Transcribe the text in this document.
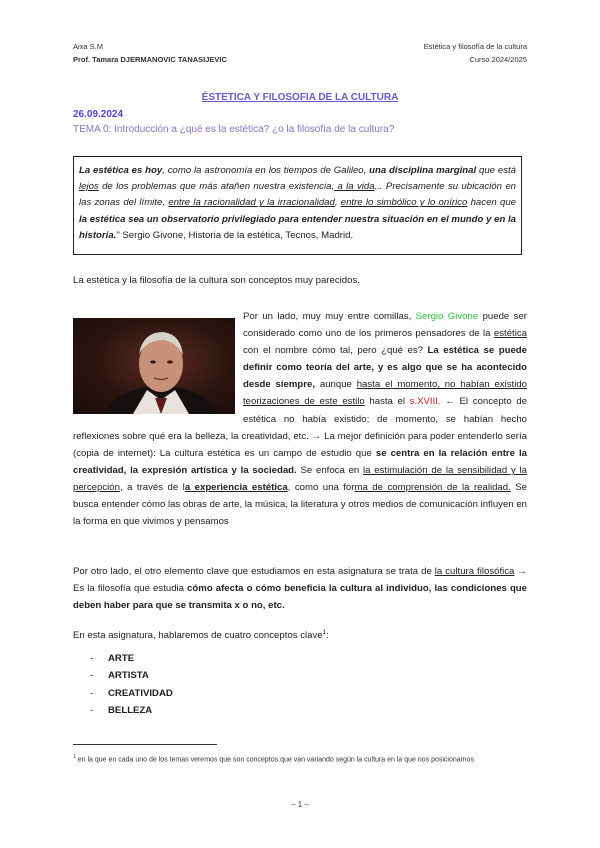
Aixa S.M	Estética y filosofía de la cultura
Prof. Tamara DJERMANOVIC TANASIJEVIC	Curso 2024/2025
ÉSTETICA Y FILOSOFIA DE LA CULTURA
26.09.2024
TEMA 0: Introducción a ¿qué es la estética? ¿o la filosofía de la cultura?
La estética es hoy, como la astronomía en los tiempos de Galileo, una disciplina marginal que está lejos de los problemas que más atañen nuestra existencia, a la vida... Precisamente su ubicación en las zonas del límite, entre la racionalidad y la irracionalidad, entre lo simbólico y lo onírico hacen que la estética sea un observatorio privilegiado para entender nuestra situación en el mundo y en la historia." Sergio Givone, Historia de la estética, Tecnos, Madrid.
La estética y la filosofía de la cultura son conceptos muy parecidos.
Por un lado, muy muy entre comillas, Sergio Givone puede ser considerado como uno de los primeros pensadores de la estética con el nombre cómo tal, pero ¿qué es? La estética se puede definir como teoría del arte, y es algo que se ha acontecido desde siempre, aunque hasta el momento, no habían existido teorizaciones de este estilo hasta el s.XVIII. ← El concepto de estética no había existido; de momento, se habían hecho reflexiones sobre qué era la belleza, la creatividad, etc. → La mejor definición para poder entenderlo sería (copia de internet): La cultura estética es un campo de estudio que se centra en la relación entre la creatividad, la expresión artística y la sociedad. Se enfoca en la estimulación de la sensibilidad y la percepción, a través de la experiencia estética, como una forma de comprensión de la realidad. Se busca entender cómo las obras de arte, la música, la literatura y otros medios de comunicación influyen en la forma en que vivimos y pensamos
Por otro lado, el otro elemento clave que estudiamos en esta asignatura se trata de la cultura filosófica → Es la filosofía que estudia cómo afecta o cómo beneficia la cultura al individuo, las condiciones que deben haber para que se transmita x o no, etc.
En esta asignatura, hablaremos de cuatro conceptos clave$^1$:
-	ARTE
-	ARTISTA
-	CREATIVIDAD
-	BELLEZA
$^1$ en la que en cada uno de los temas veremos que son conceptos que van variando según la cultura en la que nos posicionamos
– 1 –
